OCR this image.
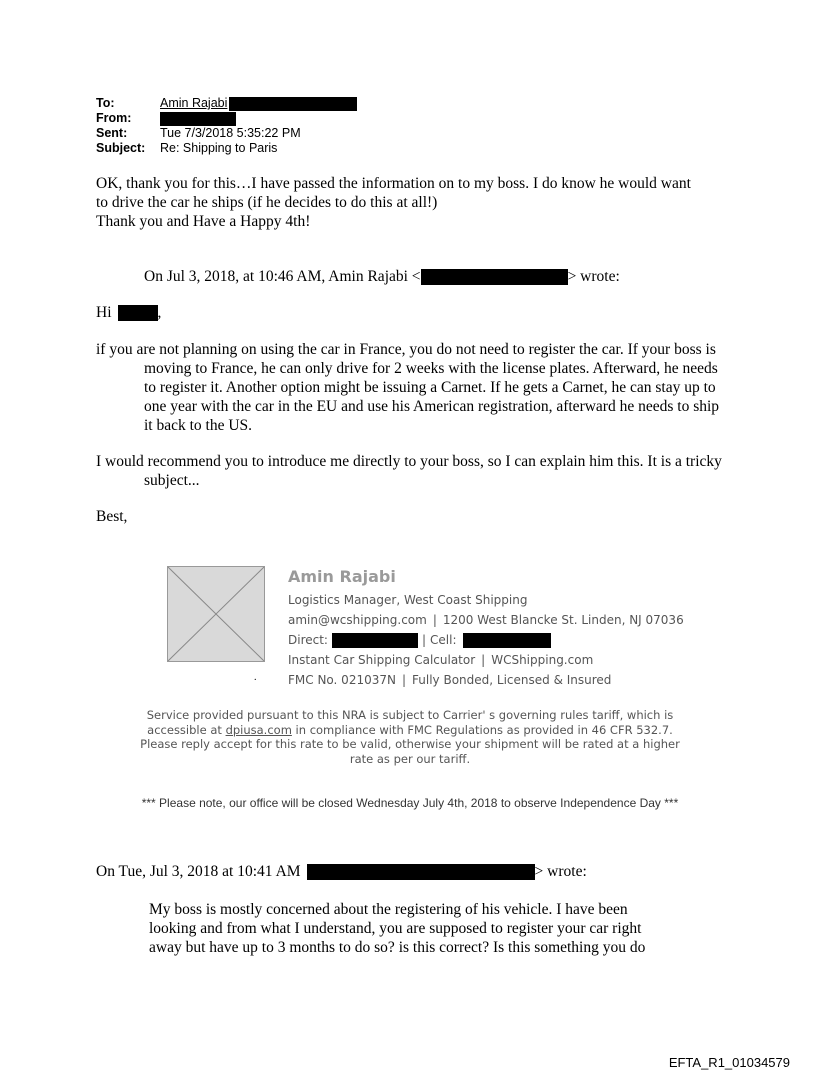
To:	Amin Rajabi
From:
Sent:	Tue 7/3/2018 5:35:22 PM
Subject:	Re: Shipping to Paris
OK, thank you for this…I have passed the information on to my boss. I do know he would want
to drive the car he ships (if he decides to do this at all!)
Thank you and Have a Happy 4th!
On Jul 3, 2018, at 10:46 AM, Amin Rajabi <	> wrote:
Hi	,

if you are not planning on using the car in France, you do not need to register the car. If your boss is moving to France, he can only drive for 2 weeks with the license plates. Afterward, he needs to register it. Another option might be issuing a Carnet. If he gets a Carnet, he can stay up to one year with the car in the EU and use his American registration, afterward he needs to ship it back to the US.

I would recommend you to introduce me directly to your boss, so I can explain him this. It is a tricky subject...

Best,
.
Amin Rajabi
Logistics Manager, West Coast Shipping
amin@wcshipping.com | 1200 West Blancke St. Linden, NJ 07036
Direct:	| Cell:
Instant Car Shipping Calculator | WCShipping.com
FMC No. 021037N | Fully Bonded, Licensed & Insured
Service provided pursuant to this NRA is subject to Carrier' s governing rules tariff, which is accessible at dpiusa.com in compliance with FMC Regulations as provided in 46 CFR 532.7. Please reply accept for this rate to be valid, otherwise your shipment will be rated at a higher rate as per our tariff.
*** Please note, our office will be closed Wednesday July 4th, 2018 to observe Independence Day ***
On Tue, Jul 3, 2018 at 10:41 AM	> wrote:

My boss is mostly concerned about the registering of his vehicle. I have been looking and from what I understand, you are supposed to register your car right away but have up to 3 months to do so? is this correct? Is this something you do

EFTA_R1_01034579
